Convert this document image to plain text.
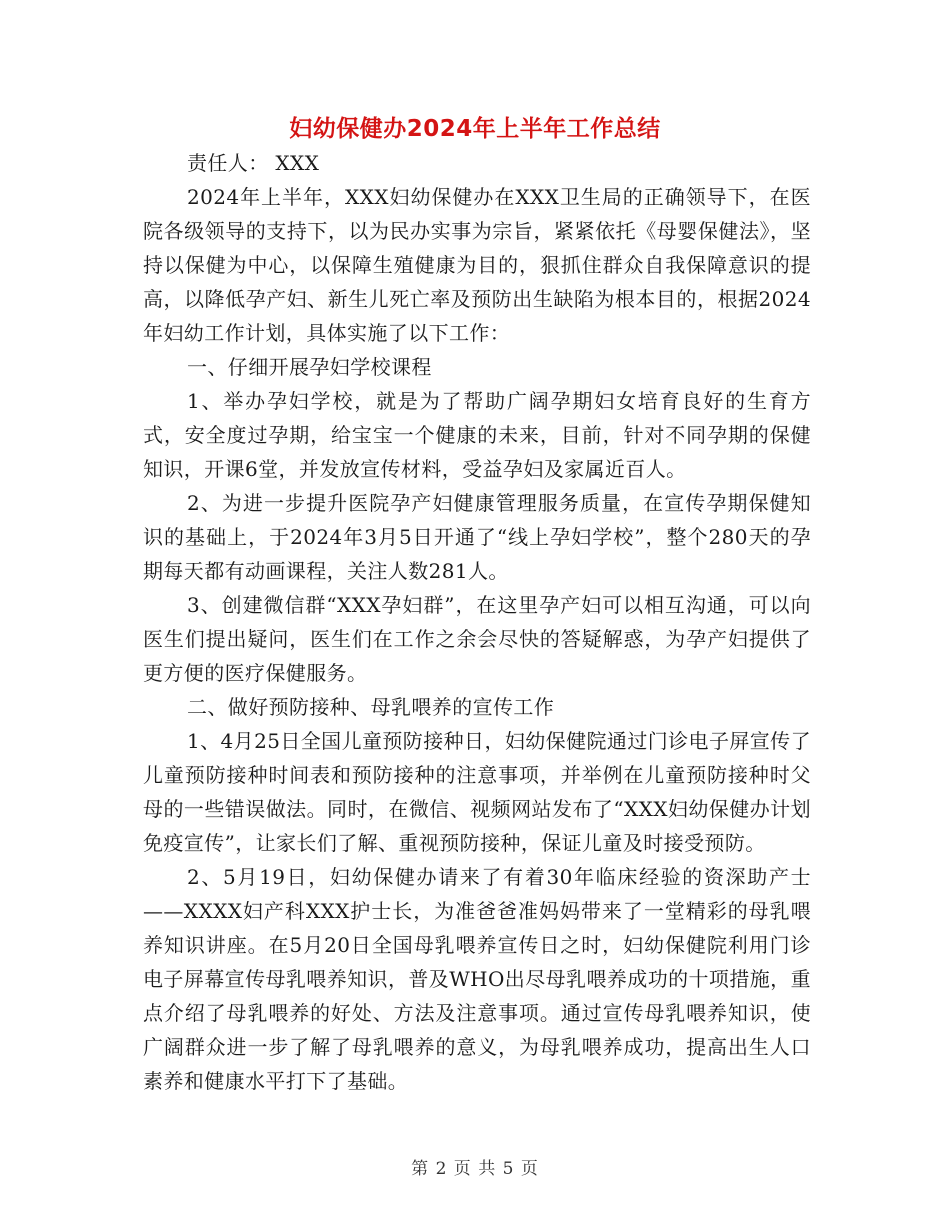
妇幼保健办2024年上半年工作总结

责任人： XXX

2024年上半年，XXX妇幼保健办在XXX卫生局的正确领导下，在医院各级领导的支持下，以为民办实事为宗旨，紧紧依托《母婴保健法》，坚持以保健为中心，以保障生殖健康为目的，狠抓住群众自我保障意识的提高，以降低孕产妇、新生儿死亡率及预防出生缺陷为根本目的，根据2024年妇幼工作计划，具体实施了以下工作：

一、仔细开展孕妇学校课程

1、举办孕妇学校，就是为了帮助广阔孕期妇女培育良好的生育方式，安全度过孕期，给宝宝一个健康的未来，目前，针对不同孕期的保健知识，开课6堂，并发放宣传材料，受益孕妇及家属近百人。

2、为进一步提升医院孕产妇健康管理服务质量，在宣传孕期保健知识的基础上，于2024年3月5日开通了“线上孕妇学校”，整个280天的孕期每天都有动画课程，关注人数281人。

3、创建微信群“XXX孕妇群”，在这里孕产妇可以相互沟通，可以向医生们提出疑问，医生们在工作之余会尽快的答疑解惑，为孕产妇提供了更方便的医疗保健服务。

二、做好预防接种、母乳喂养的宣传工作

1、4月25日全国儿童预防接种日，妇幼保健院通过门诊电子屏宣传了儿童预防接种时间表和预防接种的注意事项，并举例在儿童预防接种时父母的一些错误做法。同时，在微信、视频网站发布了“XXX妇幼保健办计划免疫宣传”，让家长们了解、重视预防接种，保证儿童及时接受预防。

2、5月19日，妇幼保健办请来了有着30年临床经验的资深助产士——XXXX妇产科XXX护士长，为准爸爸准妈妈带来了一堂精彩的母乳喂养知识讲座。在5月20日全国母乳喂养宣传日之时，妇幼保健院利用门诊电子屏幕宣传母乳喂养知识，普及WHO出尽母乳喂养成功的十项措施，重点介绍了母乳喂养的好处、方法及注意事项。通过宣传母乳喂养知识，使广阔群众进一步了解了母乳喂养的意义，为母乳喂养成功，提高出生人口素养和健康水平打下了基础。

第 2 页 共 5 页
